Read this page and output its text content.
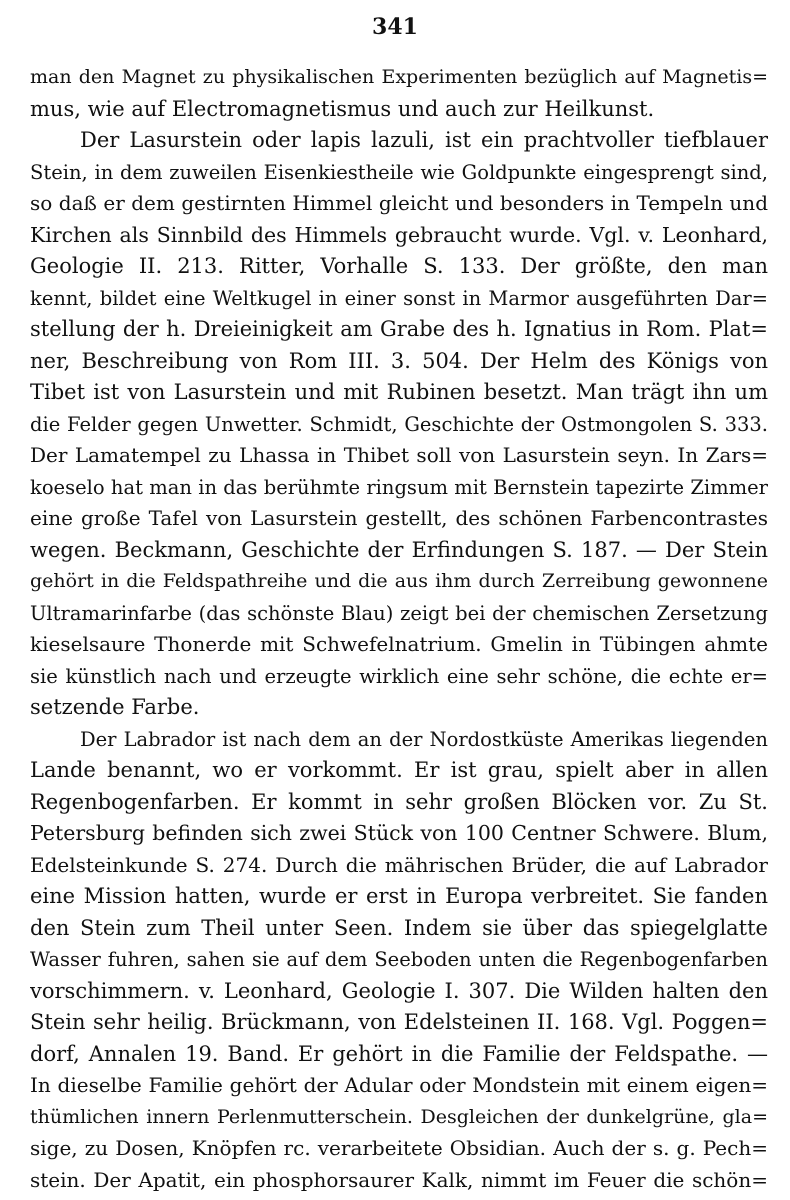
341
man den Magnet zu physikalischen Experimenten bezüglich auf Magnetis=
mus, wie auf Electromagnetismus und auch zur Heilkunst.
Der Lasurstein oder lapis lazuli, ist ein prachtvoller tiefblauer
Stein, in dem zuweilen Eisenkiestheile wie Goldpunkte eingesprengt sind,
so daß er dem gestirnten Himmel gleicht und besonders in Tempeln und
Kirchen als Sinnbild des Himmels gebraucht wurde. Vgl. v. Leonhard,
Geologie II. 213. Ritter, Vorhalle S. 133. Der größte, den man
kennt, bildet eine Weltkugel in einer sonst in Marmor ausgeführten Dar=
stellung der h. Dreieinigkeit am Grabe des h. Ignatius in Rom. Plat=
ner, Beschreibung von Rom III. 3. 504. Der Helm des Königs von
Tibet ist von Lasurstein und mit Rubinen besetzt. Man trägt ihn um
die Felder gegen Unwetter. Schmidt, Geschichte der Ostmongolen S. 333.
Der Lamatempel zu Lhassa in Thibet soll von Lasurstein seyn. In Zars=
koeselo hat man in das berühmte ringsum mit Bernstein tapezirte Zimmer
eine große Tafel von Lasurstein gestellt, des schönen Farbencontrastes
wegen. Beckmann, Geschichte der Erfindungen S. 187. — Der Stein
gehört in die Feldspathreihe und die aus ihm durch Zerreibung gewonnene
Ultramarinfarbe (das schönste Blau) zeigt bei der chemischen Zersetzung
kieselsaure Thonerde mit Schwefelnatrium. Gmelin in Tübingen ahmte
sie künstlich nach und erzeugte wirklich eine sehr schöne, die echte er=
setzende Farbe.
Der Labrador ist nach dem an der Nordostküste Amerikas liegenden
Lande benannt, wo er vorkommt. Er ist grau, spielt aber in allen
Regenbogenfarben. Er kommt in sehr großen Blöcken vor. Zu St.
Petersburg befinden sich zwei Stück von 100 Centner Schwere. Blum,
Edelsteinkunde S. 274. Durch die mährischen Brüder, die auf Labrador
eine Mission hatten, wurde er erst in Europa verbreitet. Sie fanden
den Stein zum Theil unter Seen. Indem sie über das spiegelglatte
Wasser fuhren, sahen sie auf dem Seeboden unten die Regenbogenfarben
vorschimmern. v. Leonhard, Geologie I. 307. Die Wilden halten den
Stein sehr heilig. Brückmann, von Edelsteinen II. 168. Vgl. Poggen=
dorf, Annalen 19. Band. Er gehört in die Familie der Feldspathe. —
In dieselbe Familie gehört der Adular oder Mondstein mit einem eigen=
thümlichen innern Perlenmutterschein. Desgleichen der dunkelgrüne, gla=
sige, zu Dosen, Knöpfen rc. verarbeitete Obsidian. Auch der s. g. Pech=
stein. Der Apatit, ein phosphorsaurer Kalk, nimmt im Feuer die schön=
